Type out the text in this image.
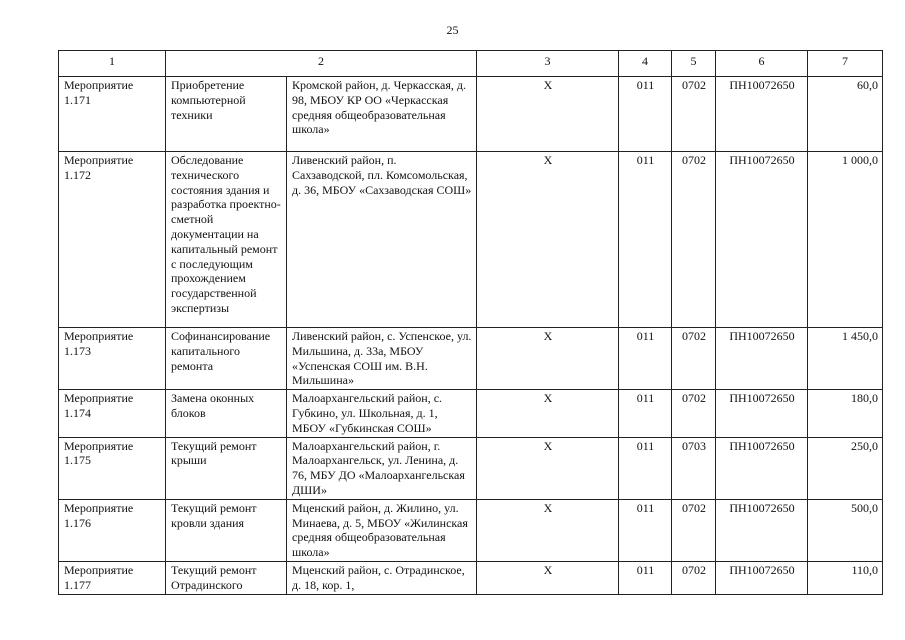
25
1	2		3	4	5	6	7
Мероприятие 1.171	Приобретение компьютерной техники	Кромской район, д. Черкасская, д. 98, МБОУ КР ОО «Черкасская средняя общеобразовательная школа»	Х	011	0702	ПН10072650	60,0
Мероприятие 1.172	Обследование технического состояния здания и разработка проектно-сметной документации на капитальный ремонт с последующим прохождением государственной экспертизы	Ливенский район, п. Сахзаводской, пл. Комсомольская, д. 36, МБОУ «Сахзаводская СОШ»	Х	011	0702	ПН10072650	1 000,0
Мероприятие 1.173	Софинансирование капитального ремонта	Ливенский район, с. Успенское, ул. Мильшина, д. 33а, МБОУ «Успенская СОШ им. В.Н. Мильшина»	Х	011	0702	ПН10072650	1 450,0
Мероприятие 1.174	Замена оконных блоков	Малоархангельский район, с. Губкино, ул. Школьная, д. 1, МБОУ «Губкинская СОШ»	Х	011	0702	ПН10072650	180,0
Мероприятие 1.175	Текущий ремонт крыши	Малоархангельский район, г. Малоархангельск, ул. Ленина, д. 76, МБУ ДО «Малоархангельская ДШИ»	Х	011	0703	ПН10072650	250,0
Мероприятие 1.176	Текущий ремонт кровли здания	Мценский район, д. Жилино, ул. Минаева, д. 5, МБОУ «Жилинская средняя общеобразовательная школа»	Х	011	0702	ПН10072650	500,0
Мероприятие 1.177	Текущий ремонт Отрадинского	Мценский район, с. Отрадинское, д. 18, кор. 1,	Х	011	0702	ПН10072650	110,0
